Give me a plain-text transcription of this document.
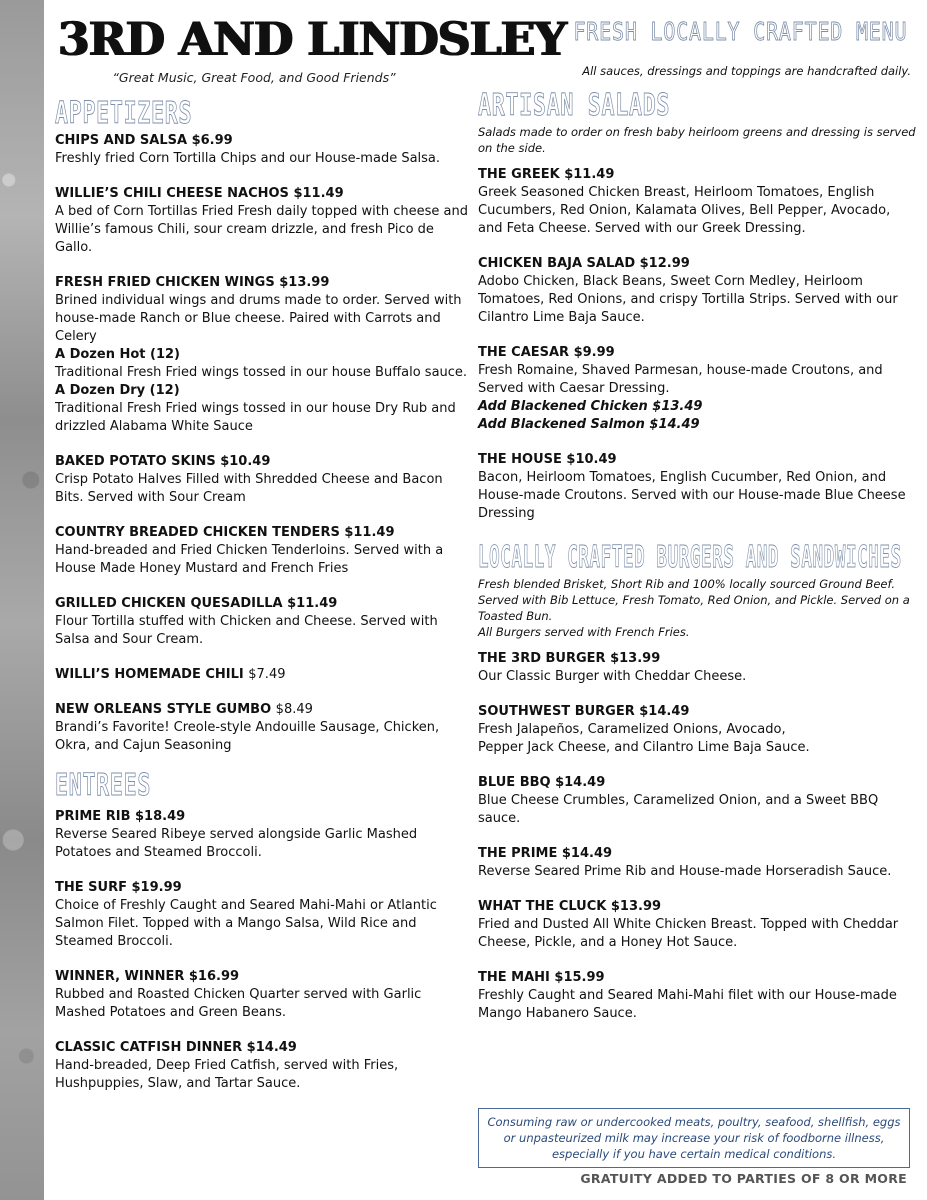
3RD AND LINDSLEY
“Great Music, Great Food, and Good Friends”
FRESH LOCALLY CRAFTED MENU
All sauces, dressings and toppings are handcrafted daily.
APPETIZERS

CHIPS AND SALSA $6.99

Freshly fried Corn Tortilla Chips and our House-made Salsa.

WILLIE’S CHILI CHEESE NACHOS $11.49

A bed of Corn Tortillas Fried Fresh daily topped with cheese and Willie’s famous Chili, sour cream drizzle, and fresh Pico de Gallo.

FRESH FRIED CHICKEN WINGS $13.99

Brined individual wings and drums made to order. Served with house-made Ranch or Blue cheese. Paired with Carrots and Celery

A Dozen Hot (12)

Traditional Fresh Fried wings tossed in our house Buffalo sauce.

A Dozen Dry (12)

Traditional Fresh Fried wings tossed in our house Dry Rub and drizzled Alabama White Sauce

BAKED POTATO SKINS $10.49

Crisp Potato Halves Filled with Shredded Cheese and Bacon Bits. Served with Sour Cream

COUNTRY BREADED CHICKEN TENDERS $11.49

Hand-breaded and Fried Chicken Tenderloins. Served with a House Made Honey Mustard and French Fries

GRILLED CHICKEN QUESADILLA $11.49

Flour Tortilla stuffed with Chicken and Cheese. Served with Salsa and Sour Cream.

WILLI’S HOMEMADE CHILI $7.49

NEW ORLEANS STYLE GUMBO $8.49

Brandi’s Favorite! Creole-style Andouille Sausage, Chicken, Okra, and Cajun Seasoning

ENTREES

PRIME RIB $18.49

Reverse Seared Ribeye served alongside Garlic Mashed Potatoes and Steamed Broccoli.

THE SURF $19.99

Choice of Freshly Caught and Seared Mahi-Mahi or Atlantic Salmon Filet. Topped with a Mango Salsa, Wild Rice and Steamed Broccoli.

WINNER, WINNER $16.99

Rubbed and Roasted Chicken Quarter served with Garlic Mashed Potatoes and Green Beans.

CLASSIC CATFISH DINNER $14.49

Hand-breaded, Deep Fried Catfish, served with Fries, Hushpuppies, Slaw, and Tartar Sauce.

ARTISAN SALADS

Salads made to order on fresh baby heirloom greens and dressing is served on the side.

THE GREEK $11.49

Greek Seasoned Chicken Breast, Heirloom Tomatoes, English Cucumbers, Red Onion, Kalamata Olives, Bell Pepper, Avocado, and Feta Cheese. Served with our Greek Dressing.

CHICKEN BAJA SALAD $12.99

Adobo Chicken, Black Beans, Sweet Corn Medley, Heirloom Tomatoes, Red Onions, and crispy Tortilla Strips. Served with our Cilantro Lime Baja Sauce.

THE CAESAR $9.99

Fresh Romaine, Shaved Parmesan, house-made Croutons, and Served with Caesar Dressing.

Add Blackened Chicken $13.49

Add Blackened Salmon $14.49

THE HOUSE $10.49

Bacon, Heirloom Tomatoes, English Cucumber, Red Onion, and House-made Croutons. Served with our House-made Blue Cheese Dressing

LOCALLY CRAFTED BURGERS AND SANDWICHES

Fresh blended Brisket, Short Rib and 100% locally sourced Ground Beef. Served with Bib Lettuce, Fresh Tomato, Red Onion, and Pickle. Served on a Toasted Bun.

All Burgers served with French Fries.

THE 3RD BURGER $13.99

Our Classic Burger with Cheddar Cheese.

SOUTHWEST BURGER $14.49

Fresh Jalapeños, Caramelized Onions, Avocado,

Pepper Jack Cheese, and Cilantro Lime Baja Sauce.

BLUE BBQ $14.49

Blue Cheese Crumbles, Caramelized Onion, and a Sweet BBQ sauce.

THE PRIME $14.49

Reverse Seared Prime Rib and House-made Horseradish Sauce.

WHAT THE CLUCK $13.99

Fried and Dusted All White Chicken Breast. Topped with Cheddar Cheese, Pickle, and a Honey Hot Sauce.

THE MAHI $15.99

Freshly Caught and Seared Mahi-Mahi filet with our House-made Mango Habanero Sauce.

Consuming raw or undercooked meats, poultry, seafood, shellfish, eggs or unpasteurized milk may increase your risk of foodborne illness, especially if you have certain medical conditions.
GRATUITY ADDED TO PARTIES OF 8 OR MORE
